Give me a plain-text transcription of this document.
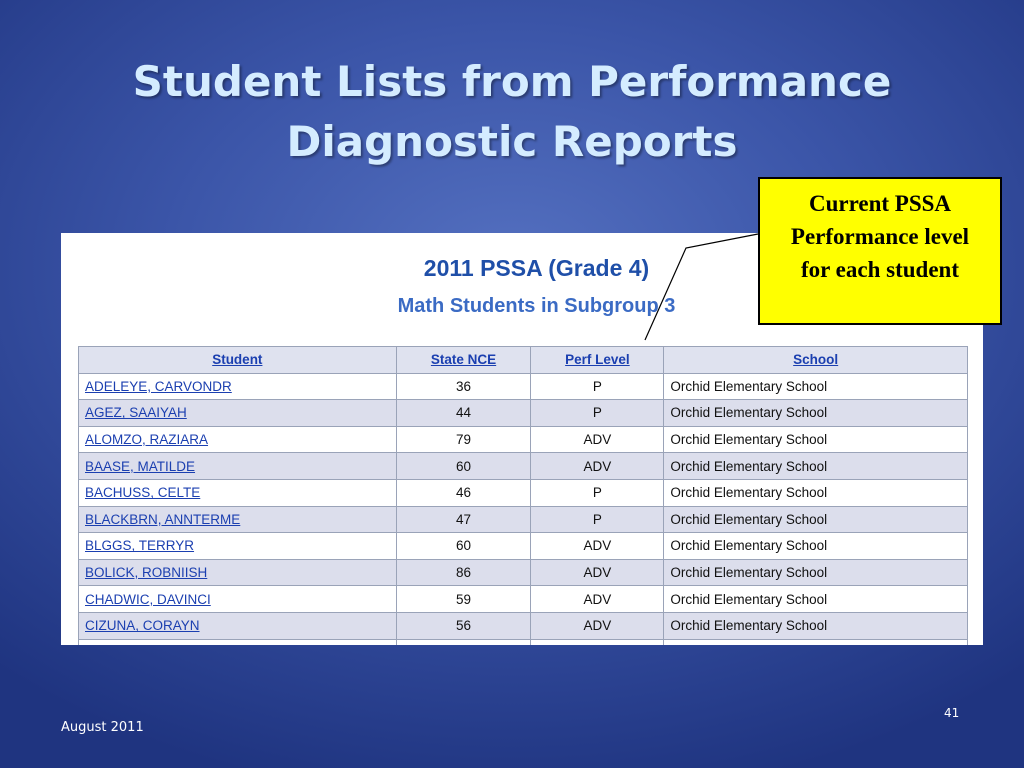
Student Lists from Performance
Diagnostic Reports
2011 PSSA (Grade 4)
Math Students in Subgroup 3
Student	State NCE	Perf Level	School
ADELEYE, CARVONDR	36	P	Orchid Elementary School
AGEZ, SAAIYAH	44	P	Orchid Elementary School
ALOMZO, RAZIARA	79	ADV	Orchid Elementary School
BAASE, MATILDE	60	ADV	Orchid Elementary School
BACHUSS, CELTE	46	P	Orchid Elementary School
BLACKBRN, ANNTERME	47	P	Orchid Elementary School
BLGGS, TERRYR	60	ADV	Orchid Elementary School
BOLICK, ROBNIISH	86	ADV	Orchid Elementary School
CHADWIC, DAVINCI	59	ADV	Orchid Elementary School
CIZUNA, CORAYN	56	ADV	Orchid Elementary School

Current PSSA
Performance level
for each student
August 2011
41
